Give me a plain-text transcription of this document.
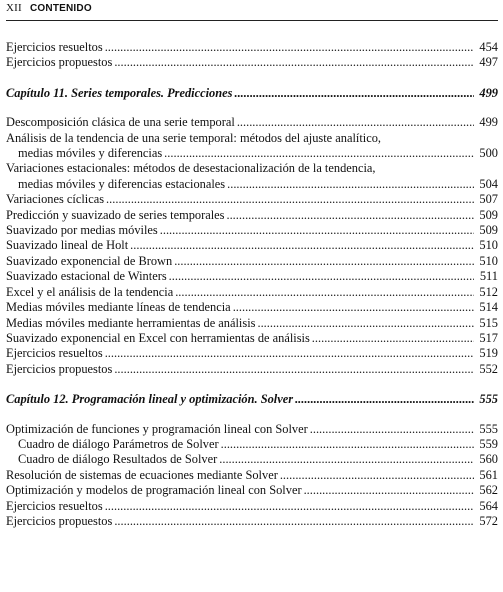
XII CONTENIDO
Ejercicios resueltos .....	454
Ejercicios propuestos .....	497
Capítulo 11. Series temporales. Predicciones .....	499
Descomposición clásica de una serie temporal .....	499
Análisis de la tendencia de una serie temporal: métodos del ajuste analítico,
medias móviles y diferencias .....	500
Variaciones estacionales: métodos de desestacionalización de la tendencia,
medias móviles y diferencias estacionales .....	504
Variaciones cíclicas .....	507
Predicción y suavizado de series temporales .....	509
Suavizado por medias móviles .....	509
Suavizado lineal de Holt .....	510
Suavizado exponencial de Brown .....	510
Suavizado estacional de Winters .....	511
Excel y el análisis de la tendencia .....	512
Medias móviles mediante líneas de tendencia .....	514
Medias móviles mediante herramientas de análisis .....	515
Suavizado exponencial en Excel con herramientas de análisis .....	517
Ejercicios resueltos .....	519
Ejercicios propuestos .....	552
Capítulo 12. Programación lineal y optimización. Solver .....	555
Optimización de funciones y programación lineal con Solver .....	555
Cuadro de diálogo Parámetros de Solver .....	559
Cuadro de diálogo Resultados de Solver .....	560
Resolución de sistemas de ecuaciones mediante Solver .....	561
Optimización y modelos de programación lineal con Solver .....	562
Ejercicios resueltos .....	564
Ejercicios propuestos .....	572
